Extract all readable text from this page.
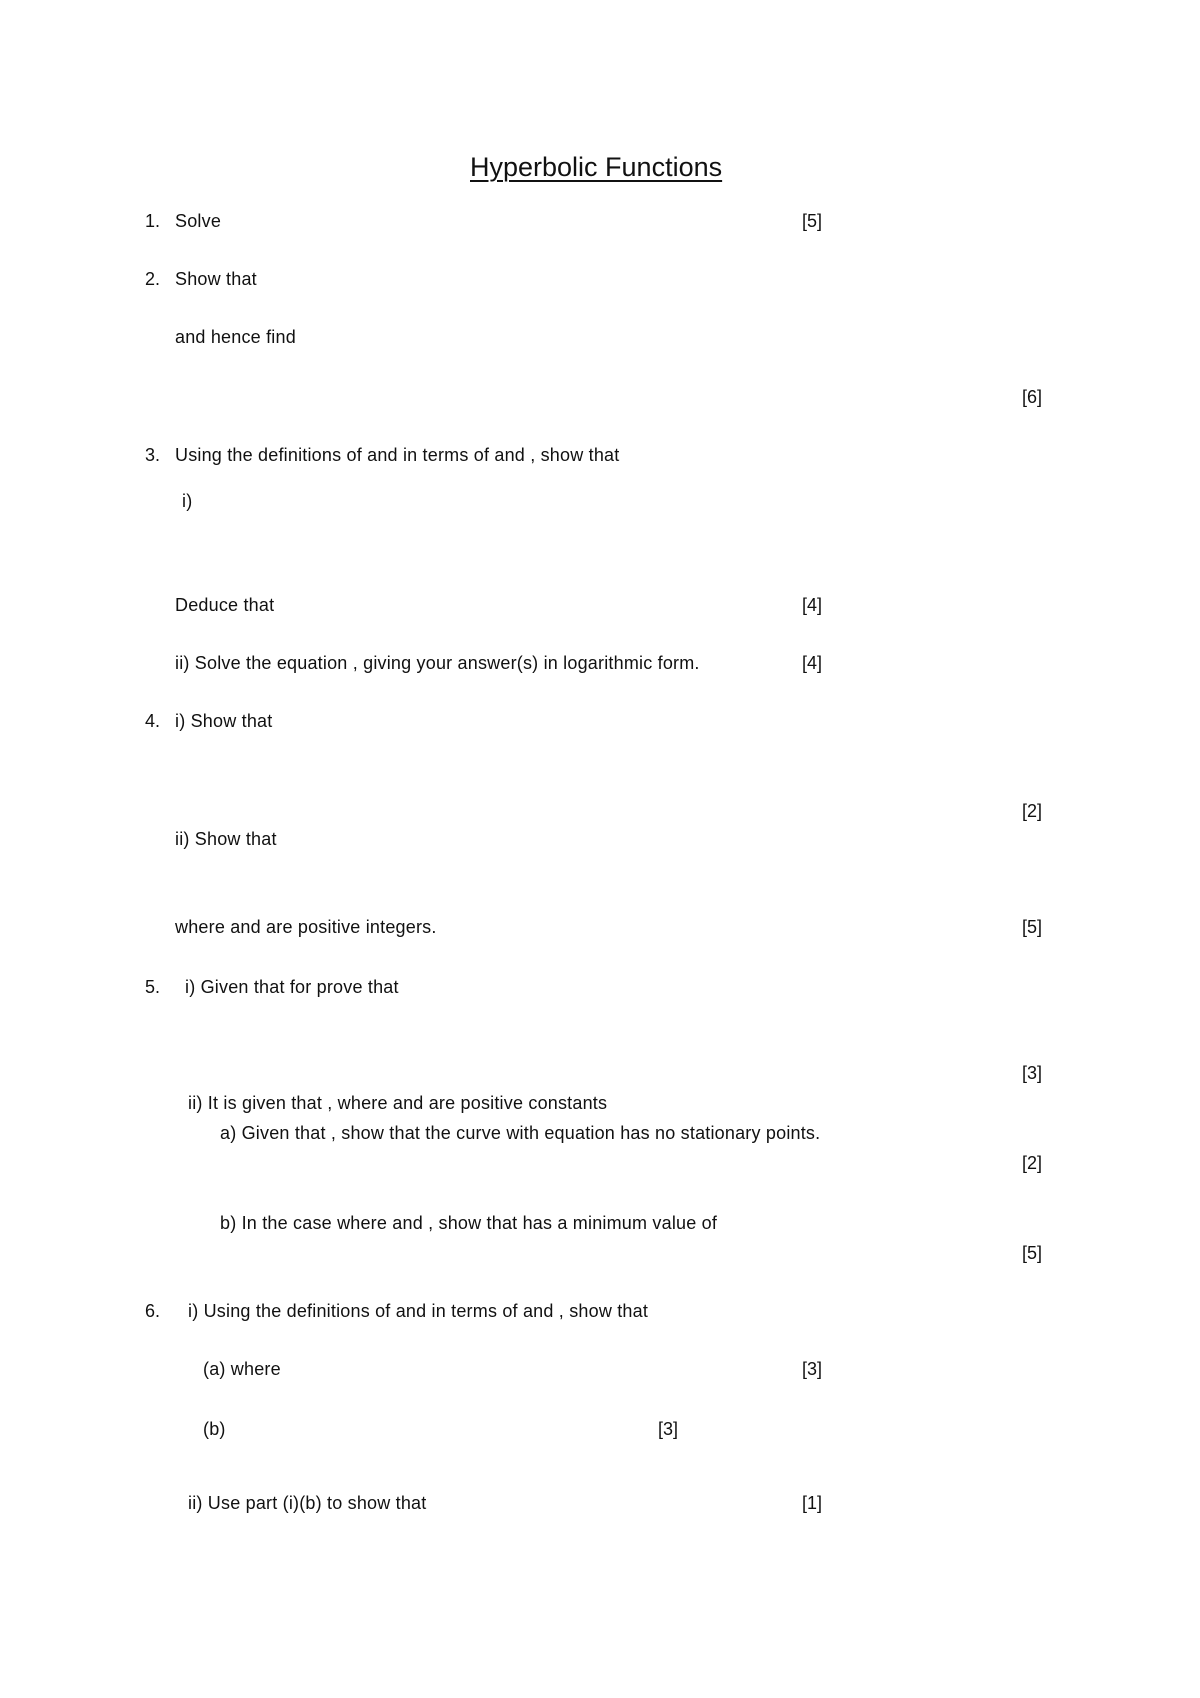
Hyperbolic Functions
1. Solve	[5]
2. Show that
and hence find
[6]
3. Using the definitions of and in terms of and , show that
i)
Deduce that	[4]
ii) Solve the equation , giving your answer(s) in logarithmic form.	[4]
4. i) Show that
[2]
ii) Show that
where and are positive integers.	[5]
5. i) Given that for prove that
[3]
ii) It is given that , where and are positive constants
a) Given that , show that the curve with equation has no stationary points.
[2]
b) In the case where and , show that has a minimum value of
[5]
6. i) Using the definitions of and in terms of and , show that
(a) where	[3]
(b)	[3]
ii) Use part (i)(b) to show that	[1]
